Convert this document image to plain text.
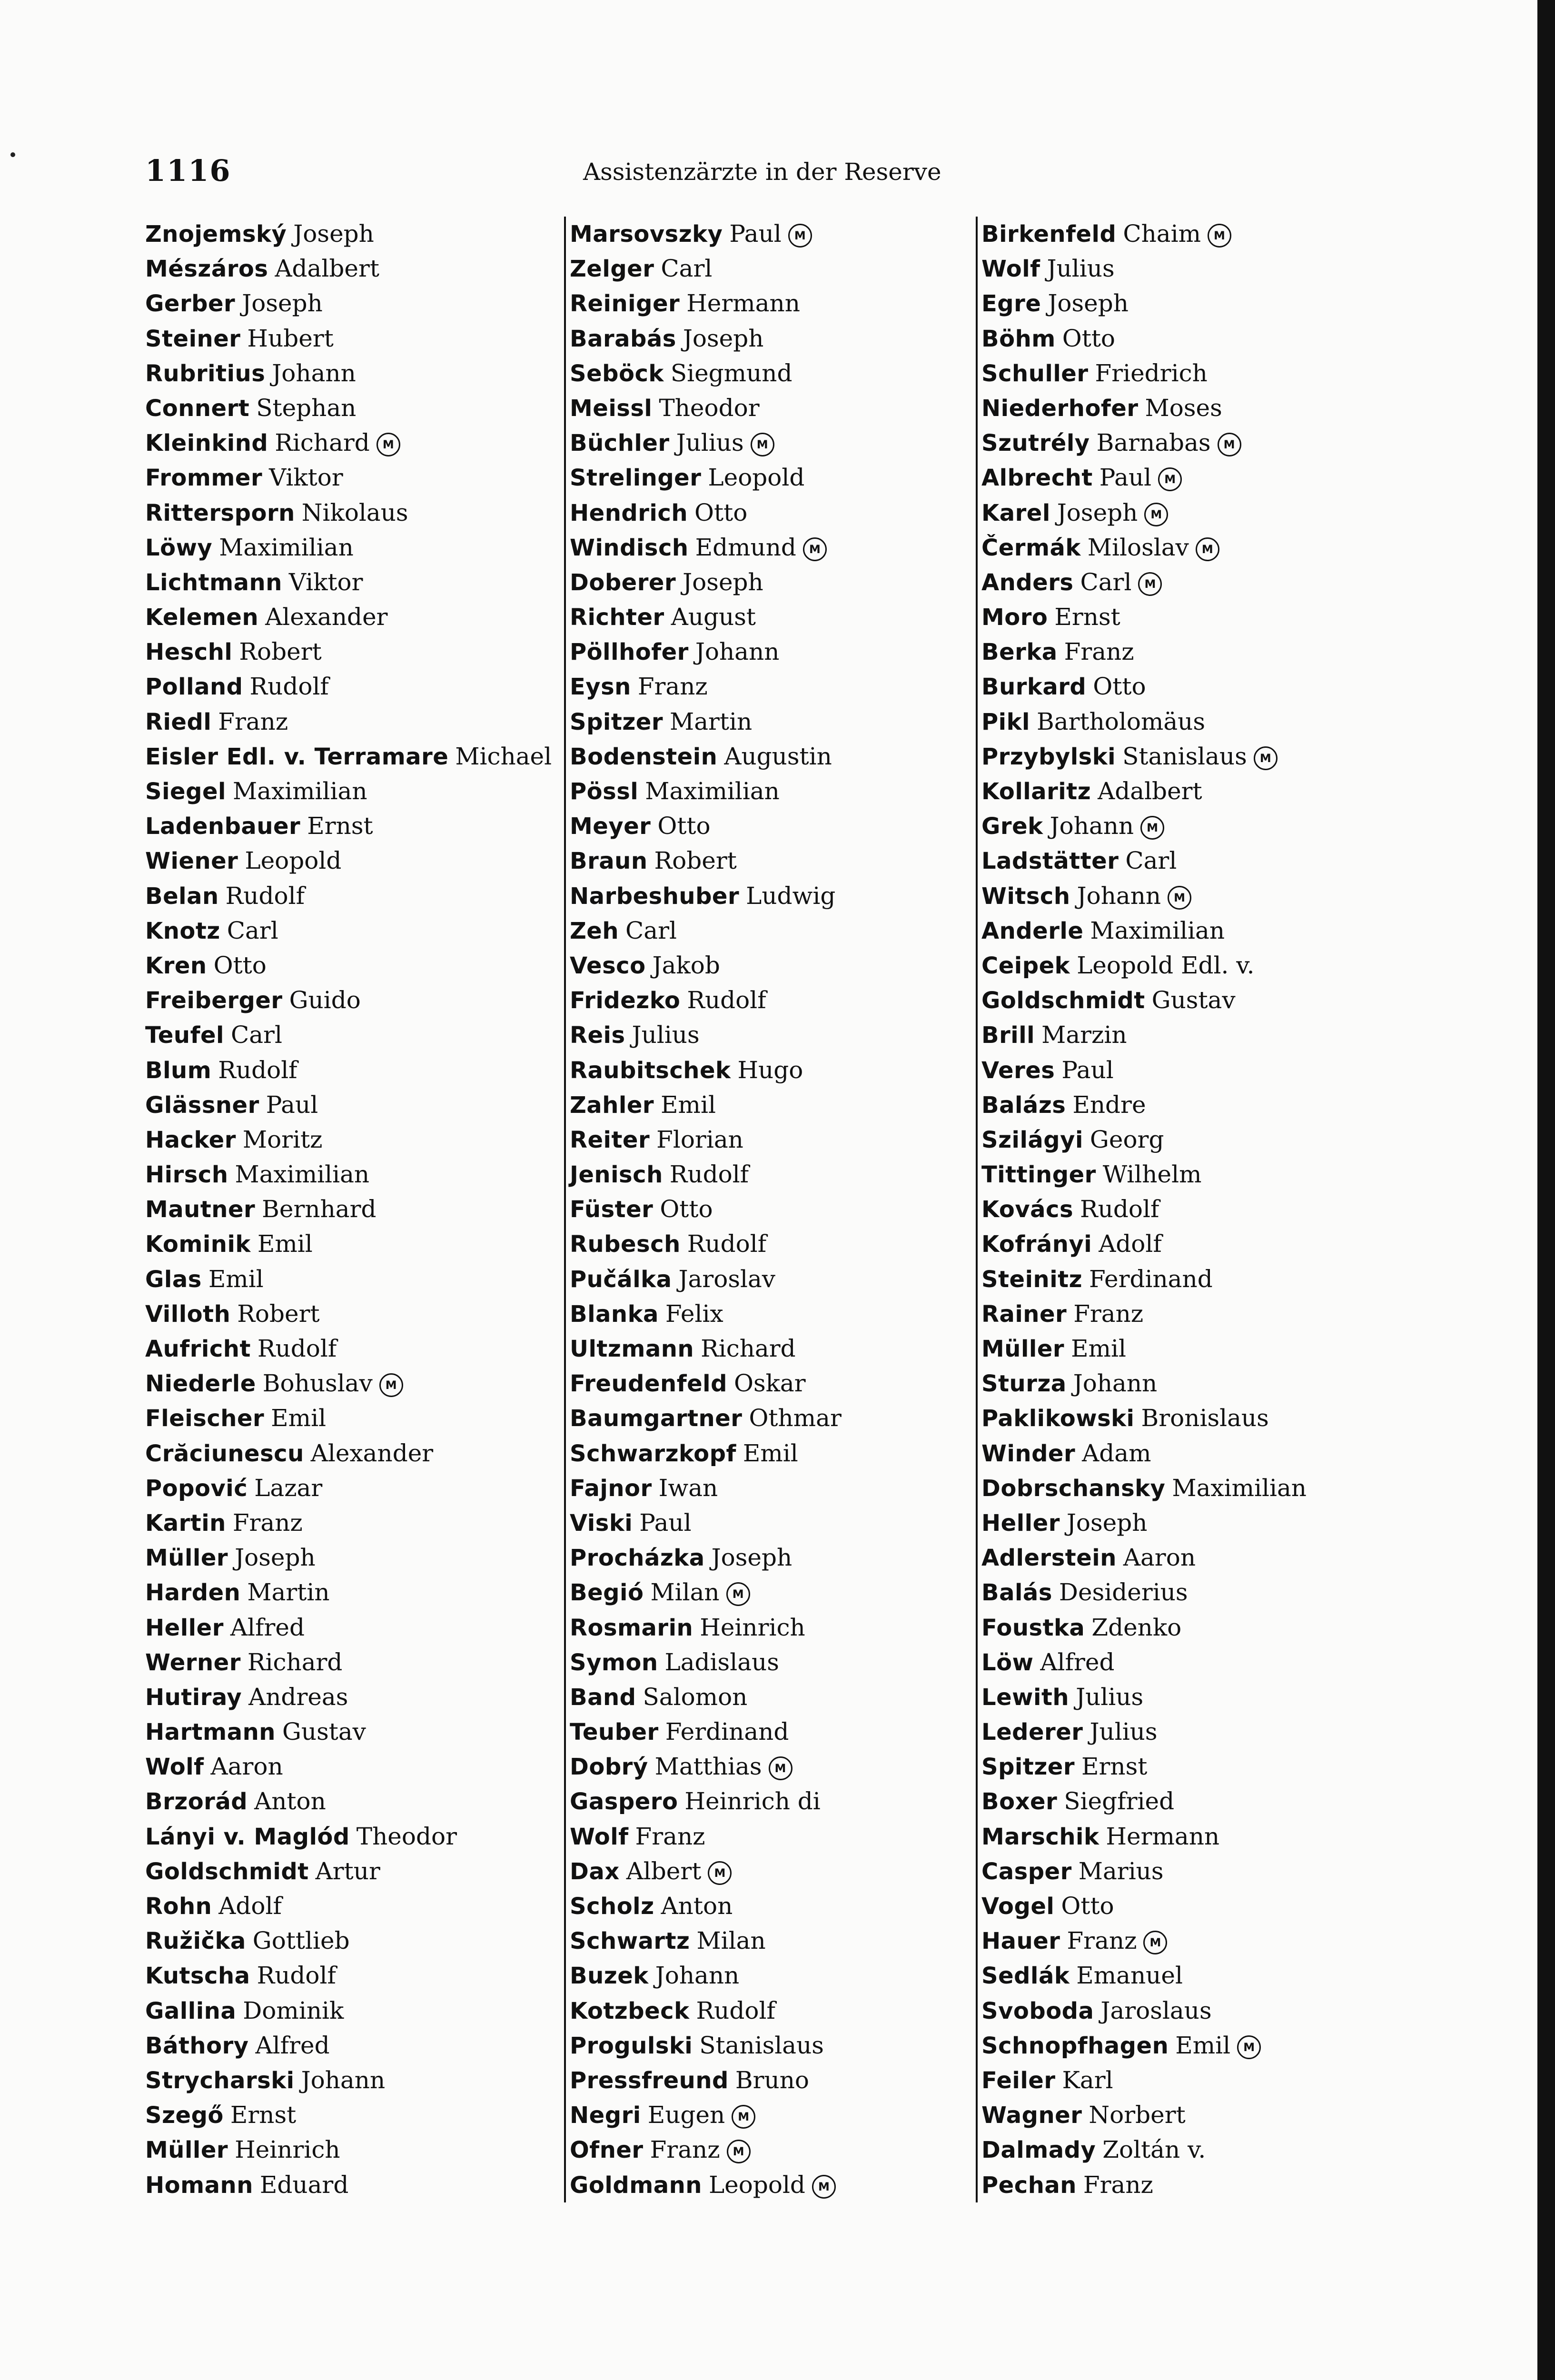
1116	Assistenzärzte in der Reserve
Znojemský Joseph
Mészáros Adalbert
Gerber Joseph
Steiner Hubert
Rubritius Johann
Connert Stephan
Kleinkind Richard M
Frommer Viktor
Rittersporn Nikolaus
Löwy Maximilian
Lichtmann Viktor
Kelemen Alexander
Heschl Robert
Polland Rudolf
Riedl Franz
Eisler Edl. v. Terramare Michael
Siegel Maximilian
Ladenbauer Ernst
Wiener Leopold
Belan Rudolf
Knotz Carl
Kren Otto
Freiberger Guido
Teufel Carl
Blum Rudolf
Glässner Paul
Hacker Moritz
Hirsch Maximilian
Mautner Bernhard
Kominik Emil
Glas Emil
Villoth Robert
Aufricht Rudolf
Niederle Bohuslav M
Fleischer Emil
Crăciunescu Alexander
Popović Lazar
Kartin Franz
Müller Joseph
Harden Martin
Heller Alfred
Werner Richard
Hutiray Andreas
Hartmann Gustav
Wolf Aaron
Brzorád Anton
Lányi v. Maglód Theodor
Goldschmidt Artur
Rohn Adolf
Ružička Gottlieb
Kutscha Rudolf
Gallina Dominik
Báthory Alfred
Strycharski Johann
Szegő Ernst
Müller Heinrich
Homann Eduard
Marsovszky Paul M
Zelger Carl
Reiniger Hermann
Barabás Joseph
Seböck Siegmund
Meissl Theodor
Büchler Julius M
Strelinger Leopold
Hendrich Otto
Windisch Edmund M
Doberer Joseph
Richter August
Pöllhofer Johann
Eysn Franz
Spitzer Martin
Bodenstein Augustin
Pössl Maximilian
Meyer Otto
Braun Robert
Narbeshuber Ludwig
Zeh Carl
Vesco Jakob
Fridezko Rudolf
Reis Julius
Raubitschek Hugo
Zahler Emil
Reiter Florian
Jenisch Rudolf
Füster Otto
Rubesch Rudolf
Pučálka Jaroslav
Blanka Felix
Ultzmann Richard
Freudenfeld Oskar
Baumgartner Othmar
Schwarzkopf Emil
Fajnor Iwan
Viski Paul
Procházka Joseph
Begió Milan M
Rosmarin Heinrich
Symon Ladislaus
Band Salomon
Teuber Ferdinand
Dobrý Matthias M
Gaspero Heinrich di
Wolf Franz
Dax Albert M
Scholz Anton
Schwartz Milan
Buzek Johann
Kotzbeck Rudolf
Progulski Stanislaus
Pressfreund Bruno
Negri Eugen M
Ofner Franz M
Goldmann Leopold M
Birkenfeld Chaim M
Wolf Julius
Egre Joseph
Böhm Otto
Schuller Friedrich
Niederhofer Moses
Szutrély Barnabas M
Albrecht Paul M
Karel Joseph M
Čermák Miloslav M
Anders Carl M
Moro Ernst
Berka Franz
Burkard Otto
Pikl Bartholomäus
Przybylski Stanislaus M
Kollaritz Adalbert
Grek Johann M
Ladstätter Carl
Witsch Johann M
Anderle Maximilian
Ceipek Leopold Edl. v.
Goldschmidt Gustav
Brill Marzin
Veres Paul
Balázs Endre
Szilágyi Georg
Tittinger Wilhelm
Kovács Rudolf
Kofrányi Adolf
Steinitz Ferdinand
Rainer Franz
Müller Emil
Sturza Johann
Paklikowski Bronislaus
Winder Adam
Dobrschansky Maximilian
Heller Joseph
Adlerstein Aaron
Balás Desiderius
Foustka Zdenko
Löw Alfred
Lewith Julius
Lederer Julius
Spitzer Ernst
Boxer Siegfried
Marschik Hermann
Casper Marius
Vogel Otto
Hauer Franz M
Sedlák Emanuel
Svoboda Jaroslaus
Schnopfhagen Emil M
Feiler Karl
Wagner Norbert
Dalmady Zoltán v.
Pechan Franz
